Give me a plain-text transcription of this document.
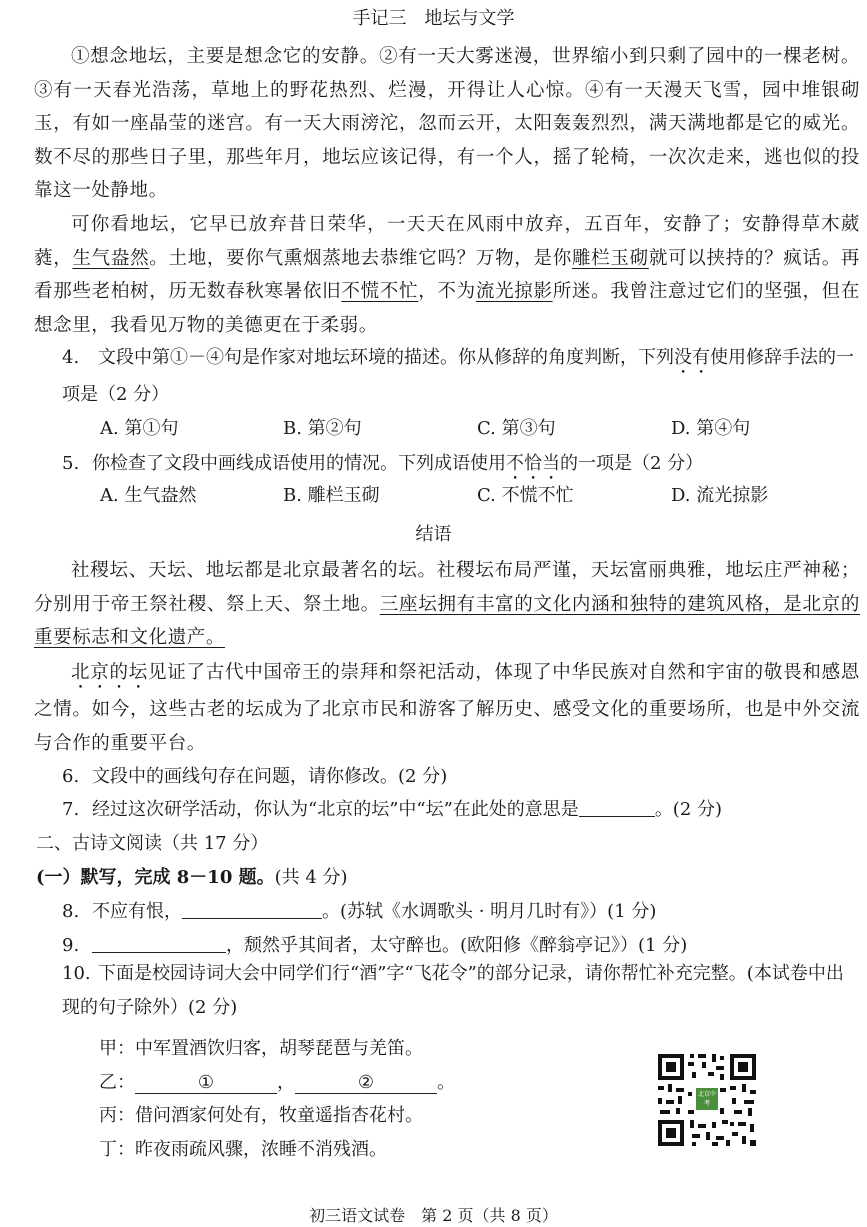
手记三　地坛与文学

①想念地坛，主要是想念它的安静。②有一天大雾迷漫，世界缩小到只剩了园中的一棵老树。③有一天春光浩荡，草地上的野花热烈、烂漫，开得让人心惊。④有一天漫天飞雪，园中堆银砌玉，有如一座晶莹的迷宫。有一天大雨滂沱，忽而云开，太阳轰轰烈烈，满天满地都是它的威光。数不尽的那些日子里，那些年月，地坛应该记得，有一个人，摇了轮椅，一次次走来，逃也似的投靠这一处静地。

可你看地坛，它早已放弃昔日荣华，一天天在风雨中放弃，五百年，安静了；安静得草木葳蕤，生气盎然。土地，要你气熏烟蒸地去恭维它吗？万物，是你雕栏玉砌就可以挟持的？疯话。再看那些老柏树，历无数春秋寒暑依旧不慌不忙，不为流光掠影所迷。我曾注意过它们的坚强，但在想念里，我看见万物的美德更在于柔弱。

4. 文段中第①－④句是作家对地坛环境的描述。你从修辞的角度判断，下列没有使用修辞手法的一项是（2 分）

A. 第①句	B. 第②句	C. 第③句	D. 第④句
5. 你检查了文段中画线成语使用的情况。下列成语使用不恰当的一项是（2 分）
A. 生气盎然	B. 雕栏玉砌	C. 不慌不忙	D. 流光掠影
结语

社稷坛、天坛、地坛都是北京最著名的坛。社稷坛布局严谨，天坛富丽典雅，地坛庄严神秘；分别用于帝王祭社稷、祭上天、祭土地。三座坛拥有丰富的文化内涵和独特的建筑风格，是北京的重要标志和文化遗产。

北京的坛见证了古代中国帝王的崇拜和祭祀活动，体现了中华民族对自然和宇宙的敬畏和感恩之情。如今，这些古老的坛成为了北京市民和游客了解历史、感受文化的重要场所，也是中外交流与合作的重要平台。

6. 文段中的画线句存在问题，请你修改。(2 分)
7. 经过这次研学活动，你认为“北京的坛”中“坛”在此处的意思是	。(2 分)
二、古诗文阅读（共 17 分）
(一）默写，完成 8－10 题。(共 4 分)
8. 不应有恨，	。(苏轼《水调歌头 · 明月几时有》）(1 分)
9.	，颓然乎其间者，太守醉也。(欧阳修《醉翁亭记》）(1 分)

10. 下面是校园诗词大会中同学们行“酒”字“飞花令”的部分记录，请你帮忙补充完整。(本试卷中出现的句子除外）(2 分)

甲：中军置酒饮归客，胡琴琵琶与羌笛。
乙：	①	，	②	。
丙：借问酒家何处有，牧童遥指杏花村。
丁：昨夜雨疏风骤，浓睡不消残酒。
北京中考
初三语文试卷　第 2 页（共 8 页）
